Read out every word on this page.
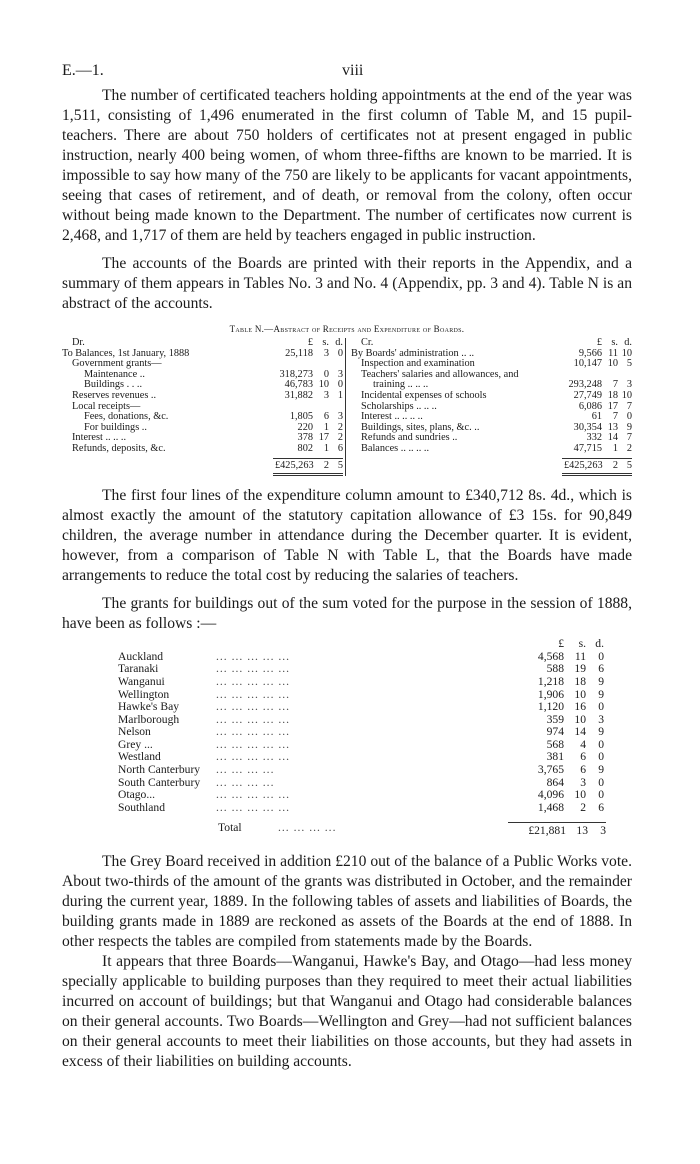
E.—1.	viii

The number of certificated teachers holding appointments at the end of the year was 1,511, consisting of 1,496 enumerated in the first column of Table M, and 15 pupil-teachers. There are about 750 holders of certificates not at present engaged in public instruction, nearly 400 being women, of whom three-fifths are known to be married. It is impossible to say how many of the 750 are likely to be applicants for vacant appointments, seeing that cases of retirement, and of death, or removal from the colony, often occur without being made known to the Department. The number of certificates now current is 2,468, and 1,717 of them are held by teachers engaged in public instruction.

The accounts of the Boards are printed with their reports in the Appendix, and a summary of them appears in Tables No. 3 and No. 4 (Appendix, pp. 3 and 4). Table N is an abstract of the accounts.

Table N.—Abstract of Receipts and Expenditure of Boards.
Dr.	£ s. d.
To Balances, 1st January, 1888	25,118	3 0
Government grants—
Maintenance ..	318,273	0 3
Buildings . . ..	46,783 10 0
Reserves revenues ..	31,882	3 1
Local receipts—
Fees, donations, &c.	1,805	6 3
For buildings ..	220	1 2
Interest .. .. ..	378 17 2
Refunds, deposits, &c.	802	1 6
£425,263 2 5
Cr.	£ s. d.
By Boards' administration .. ..	9,566 11 10
Inspection and examination	10,147 10 5
Teachers' salaries and allowances, and
training .. .. ..	293,248	7 3
Incidental expenses of schools	27,749 18 10
Scholarships .. .. ..	6,086 17 7
Interest .. .. .. ..	61	7 0
Buildings, sites, plans, &c. ..	30,354 13 9
Refunds and sundries ..	332 14 7
Balances .. .. .. ..	47,715	1 2
£425,263 2 5

The first four lines of the expenditure column amount to £340,712 8s. 4d., which is almost exactly the amount of the statutory capitation allowance of £3 15s. for 90,849 children, the average number in attendance during the December quarter. It is evident, however, from a comparison of Table N with Table L, that the Boards have made arrangements to reduce the total cost by reducing the salaries of teachers.

The grants for buildings out of the sum voted for the purpose in the session of 1888, have been as follows :—

£	s. d.
Auckland	... ... ... ... ...	4,568 11	0
Taranaki	... ... ... ... ...	588 19	6
Wanganui	... ... ... ... ...	1,218 18	9
Wellington	... ... ... ... ...	1,906 10	9
Hawke's Bay	... ... ... ... ...	1,120 16	0
Marlborough	... ... ... ... ...	359 10	3
Nelson	... ... ... ... ...	974 14	9
Grey ...	... ... ... ... ...	568	4	0
Westland	... ... ... ... ...	381	6	0
North Canterbury	... ... ... ...	3,765	6	9
South Canterbury	... ... ... ...	864	3	0
Otago...	... ... ... ... ...	4,096 10	0
Southland	... ... ... ... ...	1,468	2	6
Total	... ... ... ...	£21,881 13	3

The Grey Board received in addition £210 out of the balance of a Public Works vote. About two-thirds of the amount of the grants was distributed in October, and the remainder during the current year, 1889. In the following tables of assets and liabilities of Boards, the building grants made in 1889 are reckoned as assets of the Boards at the end of 1888. In other respects the tables are compiled from statements made by the Boards.

It appears that three Boards—Wanganui, Hawke's Bay, and Otago—had less money specially applicable to building purposes than they required to meet their actual liabilities incurred on account of buildings; but that Wanganui and Otago had considerable balances on their general accounts. Two Boards—Wellington and Grey—had not sufficient balances on their general accounts to meet their liabilities on those accounts, but they had assets in excess of their liabilities on building accounts.
